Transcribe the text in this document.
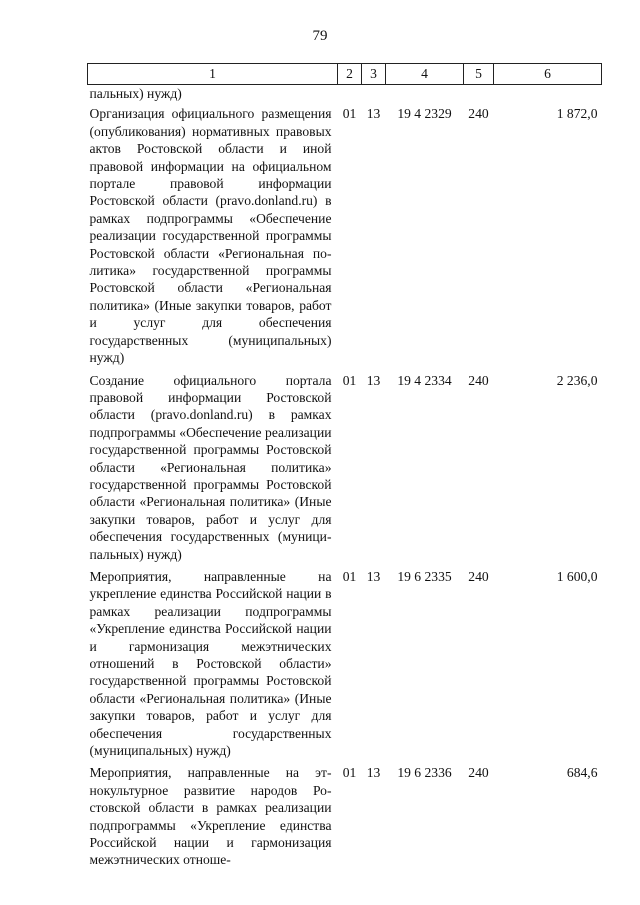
79
1	2	3	4	5	6
пальных) нужд)					
Организация официального размещения (опубликования) нормативных правовых актов Ростовской области и иной правовой информации на официальном портале правовой информации Ростовской области (pravo.donland.ru) в рамках подпрограммы «Обеспечение реализации государственной программы Ростовской области «Региональная политика» государственной программы Ростовской области «Региональная политика» (Иные закупки товаров, работ и услуг для обеспечения государственных (муниципальных) нужд)	01	13	19 4 2329	240	1 872,0
Создание официального портала правовой информации Ростовской области (pravo.donland.ru) в рамках подпрограммы «Обеспечение реализации государственной программы Ростовской области «Региональная политика» государственной программы Ростовской области «Региональная политика» (Иные закупки товаров, работ и услуг для обеспечения государственных (муниципальных) нужд)	01	13	19 4 2334	240	2 236,0
Мероприятия, направленные на укрепление единства Российской нации в рамках реализации подпрограммы «Укрепление единства Российской нации и гармонизация межэтнических отношений в Ростовской области» государственной программы Ростовской области «Региональная политика» (Иные закупки товаров, работ и услуг для обеспечения государственных (муниципальных) нужд)	01	13	19 6 2335	240	1 600,0
Мероприятия, направленные на этнокультурное развитие народов Ростовской области в рамках реализации подпрограммы «Укрепление единства Российской нации и гармонизация межэтнических отноше-	01	13	19 6 2336	240	684,6
